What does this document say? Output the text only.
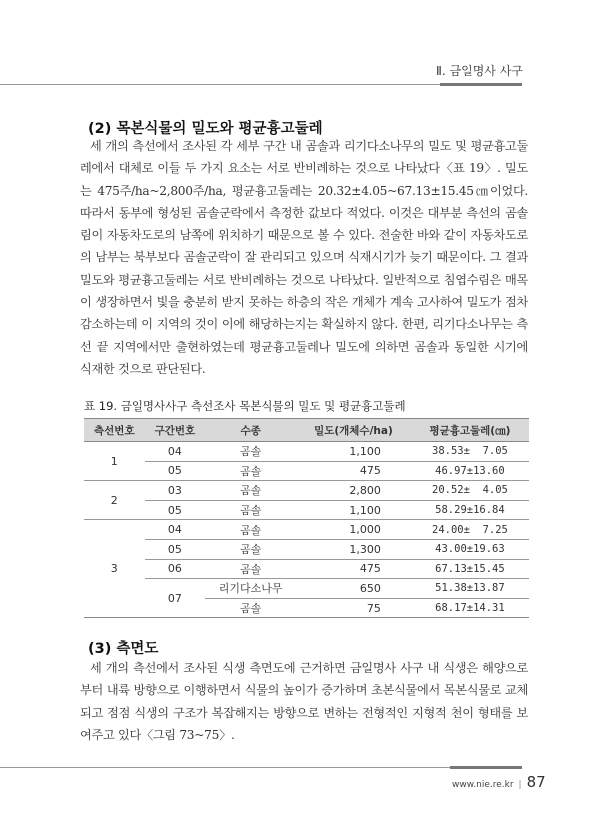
Ⅱ. 금일명사 사구
(2) 목본식물의 밀도와 평균흉고둘레
세 개의 측선에서 조사된 각 세부 구간 내 곰솔과 리기다소나무의 밀도 및 평균흉고둘레에서 대체로 이들 두 가지 요소는 서로 반비례하는 것으로 나타났다〈표 19〉. 밀도는 475주/ha~2,800주/ha, 평균흉고둘레는 20.32±4.05~67.13±15.45㎝이었다. 따라서 동부에 형성된 곰솔군락에서 측정한 값보다 적었다. 이것은 대부분 측선의 곰솔림이 자동차도로의 남쪽에 위치하기 때문으로 볼 수 있다. 전술한 바와 같이 자동차도로의 남부는 북부보다 곰솔군락이 잘 관리되고 있으며 식재시기가 늦기 때문이다. 그 결과 밀도와 평균흉고둘레는 서로 반비례하는 것으로 나타났다. 일반적으로 침엽수림은 매목이 생장하면서 빛을 충분히 받지 못하는 하층의 작은 개체가 계속 고사하여 밀도가 점차 감소하는데 이 지역의 것이 이에 해당하는지는 확실하지 않다. 한편, 리기다소나무는 측선 끝 지역에서만 출현하였는데 평균흉고둘레나 밀도에 의하면 곰솔과 동일한 시기에 식재한 것으로 판단된다.
표 19. 금일명사사구 측선조사 목본식물의 밀도 및 평균흉고둘레
측선번호	구간번호	수종	밀도(개체수/ha)	평균흉고둘레(㎝)
1	04	곰솔	1,100	38.53±  7.05
	05	곰솔	475	46.97±13.60
2	03	곰솔	2,800	20.52±  4.05
	05	곰솔	1,100	58.29±16.84
3	04	곰솔	1,000	24.00±  7.25
	05	곰솔	1,300	43.00±19.63
	06	곰솔	475	67.13±15.45
	07	리기다소나무	650	51.38±13.87
		곰솔	75	68.17±14.31
(3) 측면도
세 개의 측선에서 조사된 식생 측면도에 근거하면 금일명사 사구 내 식생은 해양으로부터 내륙 방향으로 이행하면서 식물의 높이가 증가하며 초본식물에서 목본식물로 교체되고 점점 식생의 구조가 복잡해지는 방향으로 변하는 전형적인 지형적 천이 형태를 보여주고 있다〈그림 73~75〉.
www.nie.re.kr | 87
